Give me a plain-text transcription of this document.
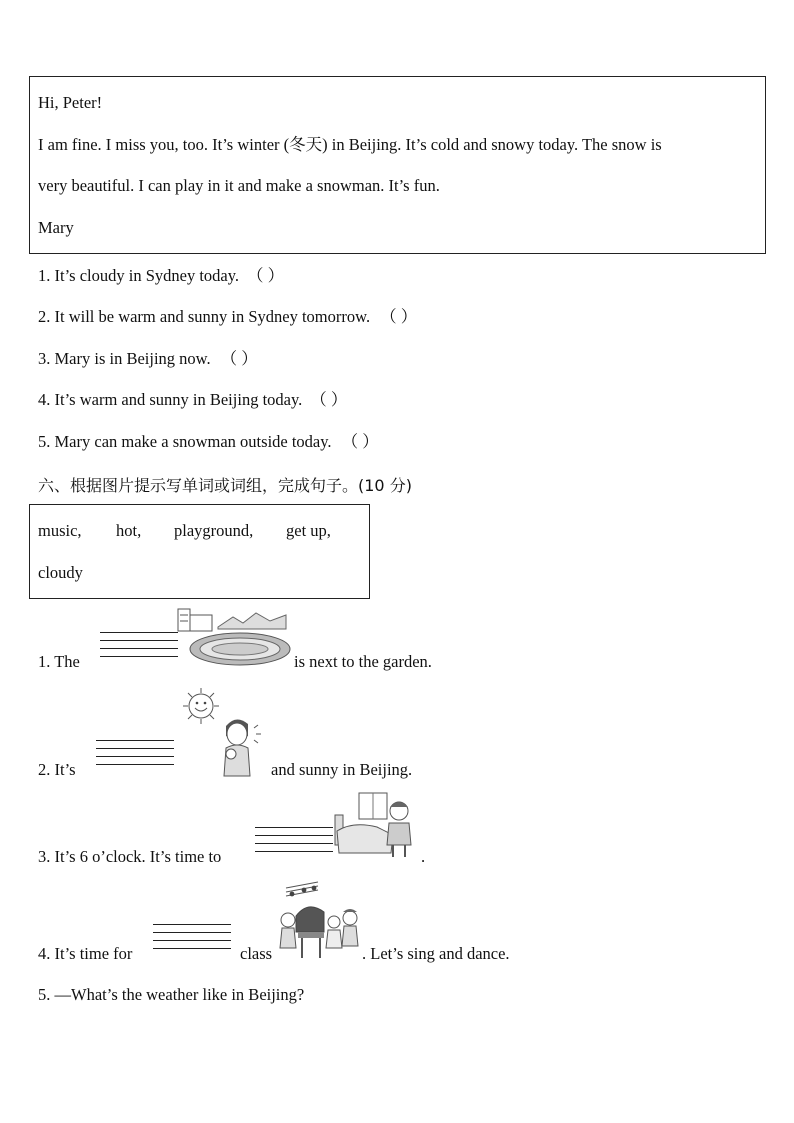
Hi, Peter!
I am fine. I miss you, too. It’s winter (冬天) in Beijing. It’s cold and snowy today. The snow is
very beautiful. I can play in it and make a snowman. It’s fun.
Mary
1. It’s cloudy in Sydney today. （ ）
2. It will be warm and sunny in Sydney tomorrow. （ ）
3. Mary is in Beijing now. （ ）
4. It’s warm and sunny in Beijing today. （ ）
5. Mary can make a snowman outside today. （ ）
六、根据图片提示写单词或词组，完成句子。(10 分)
music, hot, playground, get up,
cloudy
1. The	is next to the garden.
2. It’s	and sunny in Beijing.
3. It’s 6 o’clock. It’s time to	.
4. It’s time for	class	. Let’s sing and dance.
5. —What’s the weather like in Beijing?
